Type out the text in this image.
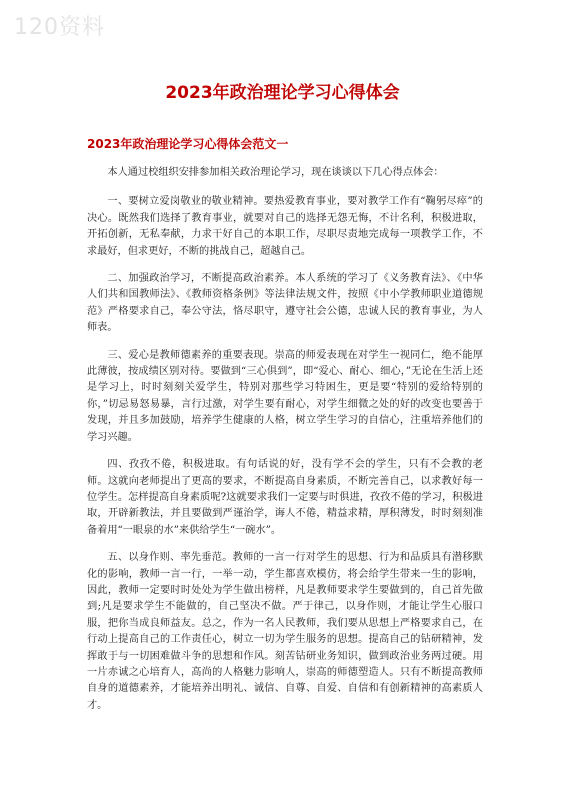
120资料
2023年政治理论学习心得体会
2023年政治理论学习心得体会范文一

本人通过校组织安排参加相关政治理论学习，现在谈谈以下几心得点体会：

一、要树立爱岗敬业的敬业精神。要热爱教育事业，要对教学工作有“鞠躬尽瘁”的决心。既然我们选择了教育事业，就要对自己的选择无怨无悔，不计名利，积极进取，开拓创新，无私奉献，力求干好自己的本职工作，尽职尽责地完成每一项教学工作，不求最好，但求更好，不断的挑战自己，超越自己。

二、加强政治学习，不断提高政治素养。本人系统的学习了《义务教育法》、《中华人们共和国教师法》、《教师资格条例》等法律法规文件，按照《中小学教师职业道德规范》严格要求自己，奉公守法，恪尽职守，遵守社会公德，忠诚人民的教育事业，为人师表。

三、爱心是教师德素养的重要表现。崇高的师爱表现在对学生一视同仁，绝不能厚此薄彼，按成绩区别对待。要做到“三心俱到”，即“爱心、耐心、细心，”无论在生活上还是学习上，时时刻刻关爱学生，特别对那些学习特困生，更是要“特别的爱给特别的你，”切忌易怒易暴，言行过激，对学生要有耐心，对学生细微之处的好的改变也要善于发现，并且多加鼓励，培养学生健康的人格，树立学生学习的自信心，注重培养他们的学习兴趣。

四、孜孜不倦，积极进取。有句话说的好，没有学不会的学生，只有不会教的老师。这就向老师提出了更高的要求，不断提高自身素质，不断完善自己，以求教好每一位学生。怎样提高自身素质呢?这就要求我们一定要与时俱进，孜孜不倦的学习，积极进取，开辟新教法，并且要做到严谨治学，诲人不倦，精益求精，厚积薄发，时时刻刻准备着用“一眼泉的水”来供给学生“一碗水”。

五、以身作则、率先垂范。教师的一言一行对学生的思想、行为和品质具有潜移默化的影响，教师一言一行，一举一动，学生都喜欢模仿，将会给学生带来一生的影响，因此，教师一定要时时处处为学生做出榜样，凡是教师要求学生要做到的，自己首先做到;凡是要求学生不能做的，自己坚决不做。严于律己，以身作则，才能让学生心服口服，把你当成良师益友。总之，作为一名人民教师，我们要从思想上严格要求自己，在行动上提高自己的工作责任心，树立一切为学生服务的思想。提高自己的钻研精神，发挥敢于与一切困难做斗争的思想和作风。刻苦钻研业务知识，做到政治业务两过硬。用一片赤诚之心培育人，高尚的人格魅力影响人，崇高的师德塑造人。只有不断提高教师自身的道德素养，才能培养出明礼、诚信、自尊、自爱、自信和有创新精神的高素质人才。
